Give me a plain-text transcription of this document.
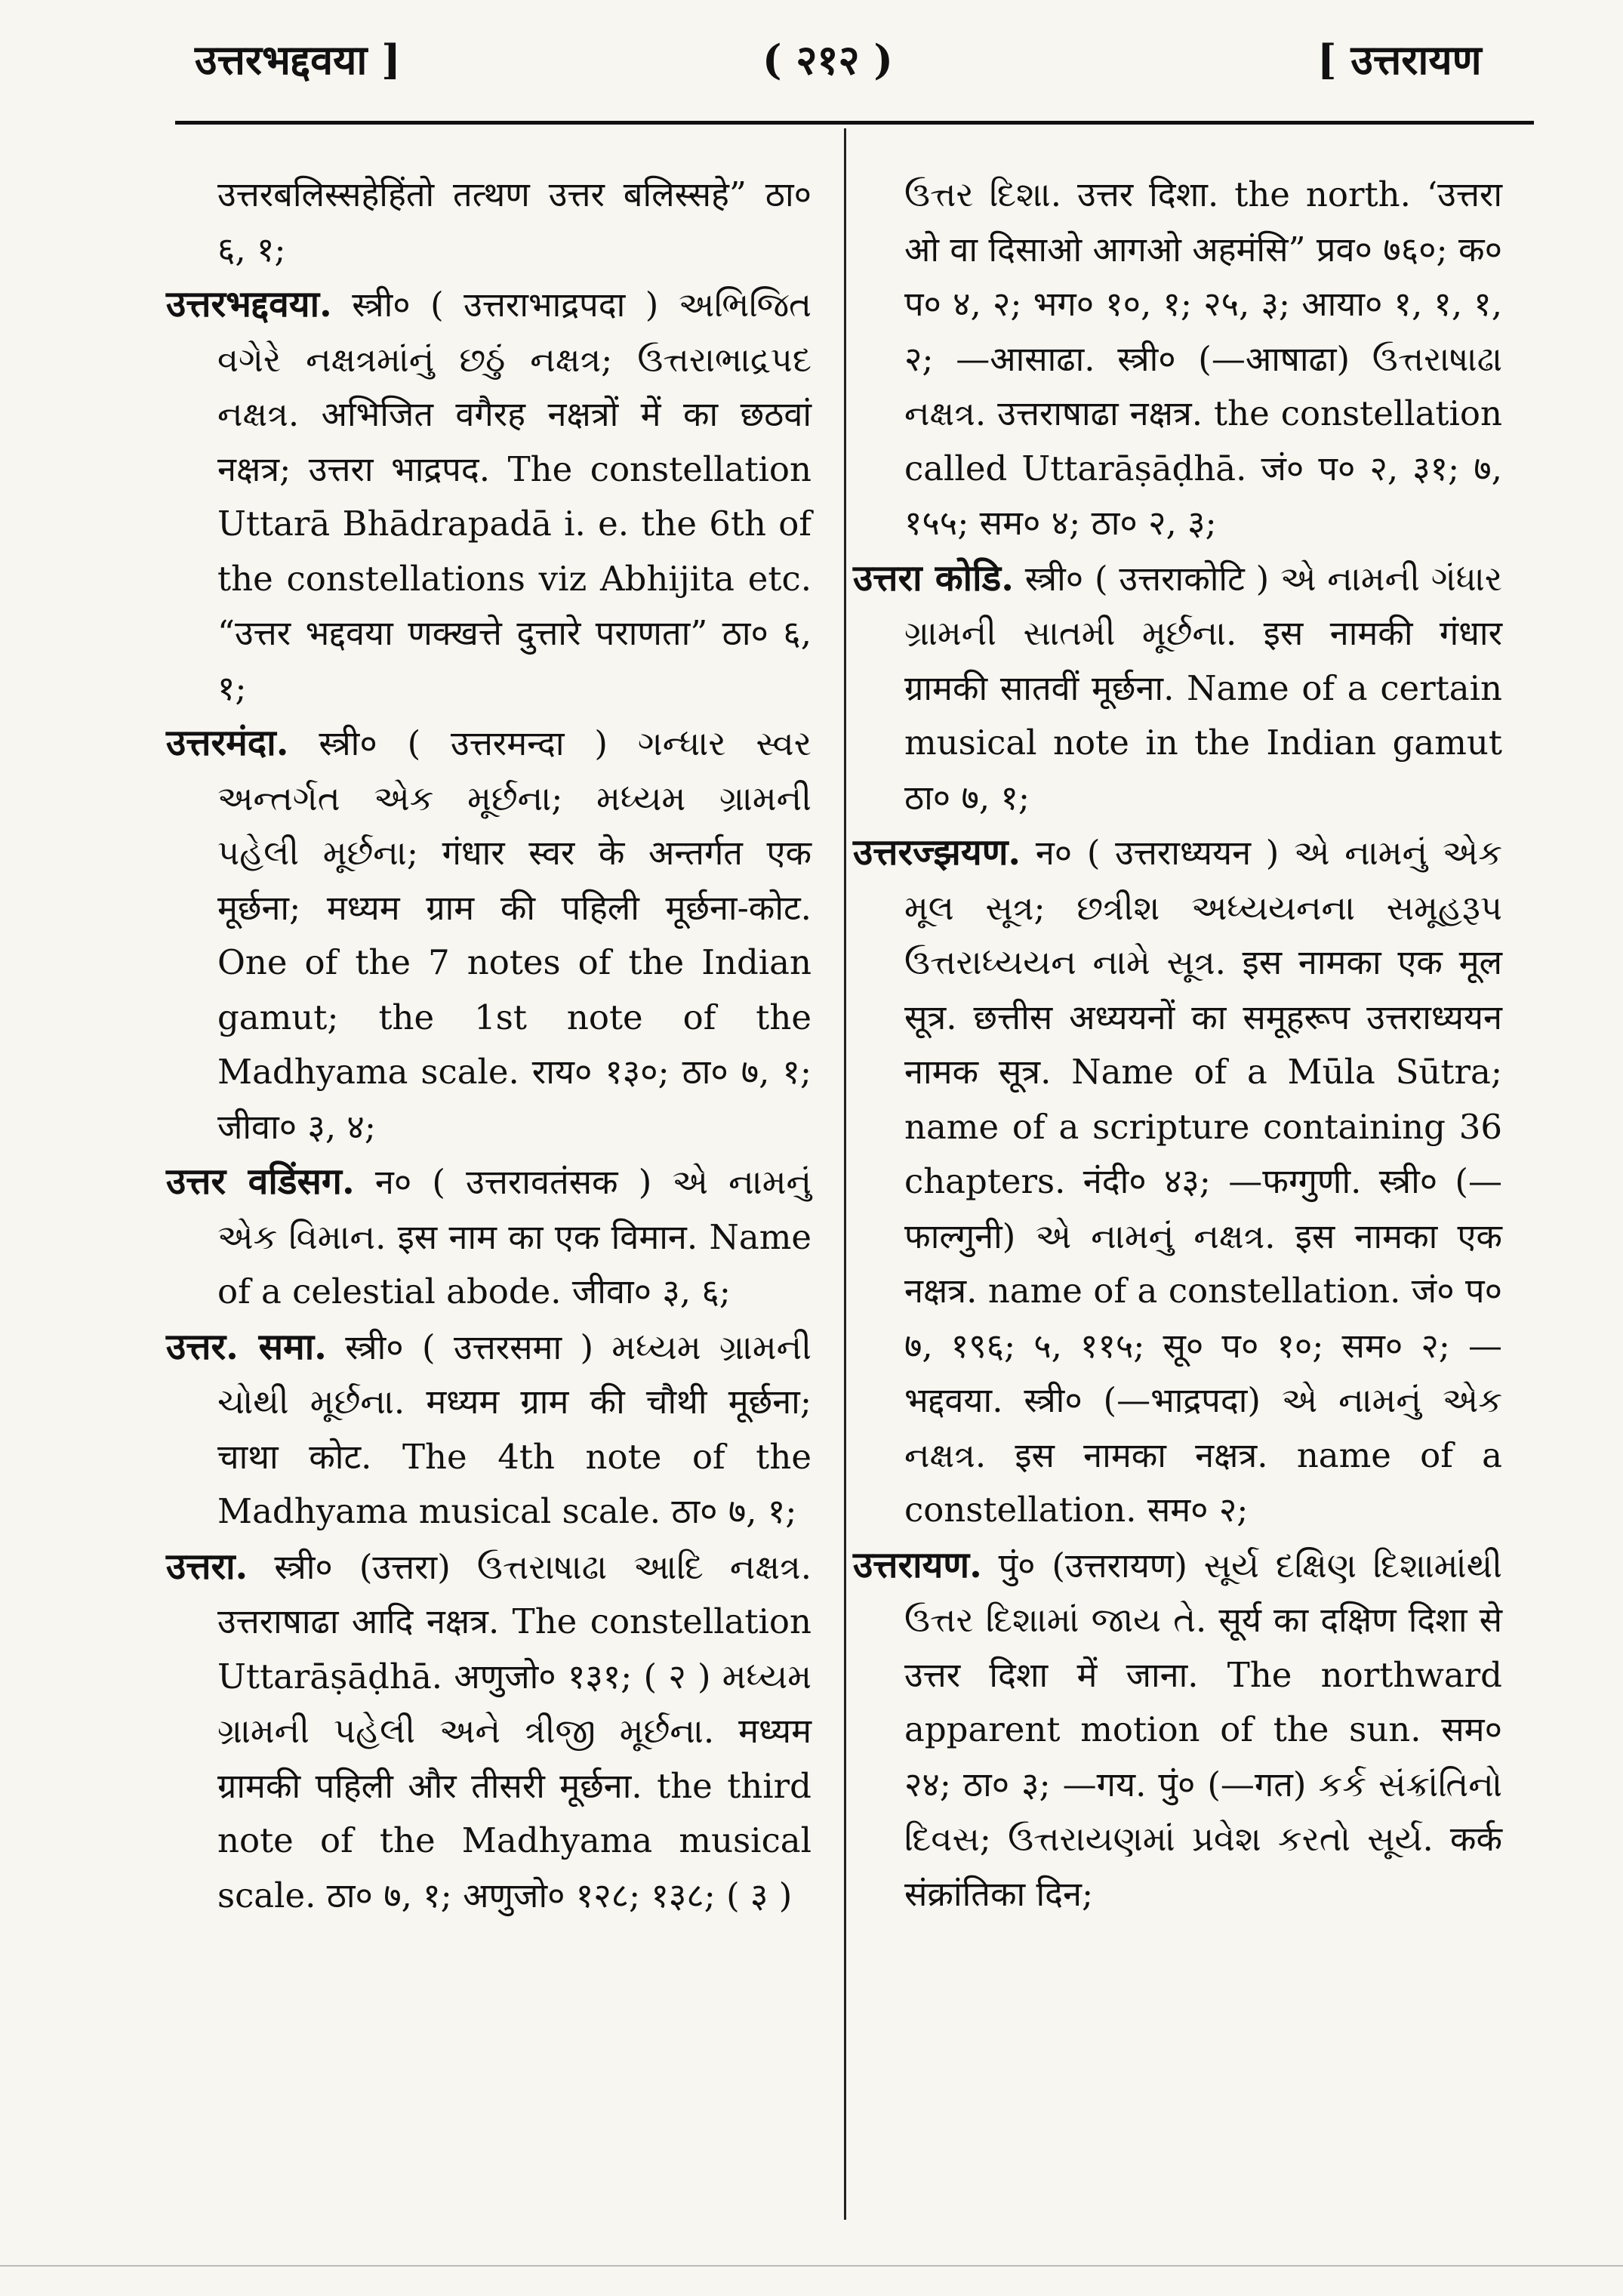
उत्तरभद्दवया ]	( २१२ )	[ उत्तरायण

उत्तरबलिस्सहेहिंतो तत्थण उत्तर बलिस्सहे” ठा० ६, १;

उत्तरभद्दवया. स्त्री० ( उत्तराभाद्रपदा ) અભિજિત વગેરે નક્ષત્રમાંનું છઠું નક્ષત્ર; ઉત્તરાભાદ્રપદ નક્ષત્ર. अभिजित वगैरह नक्षत्रों में का छठवां नक्षत्र; उत्तरा भाद्रपद. The constellation Uttarā Bhādrapadā i. e. the 6th of the constellations viz Abhijita etc. “उत्तर भद्दवया णक्खत्ते दुत्तारे पराणता” ठा० ६, १;

उत्तरमंदा. स्त्री० ( उत्तरमन्दा ) ગન્ધાર સ્વર અન્તર્ગત એક મૂર્છના; મધ્યમ ગ્રામની પહેલી મૂર્છના; गंधार स्वर के अन्तर्गत एक मूर्छना; मध्यम ग्राम की पहिली मूर्छना-कोट. One of the 7 notes of the Indian gamut; the 1st note of the Madhyama scale. राय० १३०; ठा० ७, १; जीवा० ३, ४;

उत्तर वडिंसग. न० ( उत्तरावतंसक ) એ નામનું એક વિમાન. इस नाम का एक विमान. Name of a celestial abode. जीवा० ३, ६;

उत्तर. समा. स्त्री० ( उत्तरसमा ) મધ્યમ ગ્રામની ચોથી મૂર્છના. मध्यम ग्राम की चौथी मूर्छना; चाथा कोट. The 4th note of the Madhyama musical scale. ठा० ७, १;

उत्तरा. स्त्री० (उत्तरा) ઉત્તરાષાઢા આદિ નક્ષત્ર. उत्तराषाढा आदि नक्षत्र. The constellation Uttarāṣāḍhā. अणुजो० १३१; ( २ ) મધ્યમ ગ્રામની પહેલી અને ત્રીજી મૂર્છના. मध्यम ग्रामकी पहिली और तीसरी मूर्छना. the third note of the Madhyama musical scale. ठा० ७, १; अणुजो० १२८; १३८; ( ३ )

ઉત્તર દિશા. उत्तर दिशा. the north. ‘उत्तरा ओ वा दिसाओ आगओ अहमंसि” प्रव० ७६०; क० प० ४, २; भग० १०, १; २५, ३; आया० १, १, १, २; —आसाढा. स्त्री० (—आषाढा) ઉત્તરાષાઢા નક્ષત્ર. उत्तराषाढा नक्षत्र. the constellation called Uttarāṣāḍhā. जं० प० २, ३१; ७, १५५; सम० ४; ठा० २, ३;

उत्तरा कोडि. स्त्री० ( उत्तराकोटि ) એ નામની ગંધાર ગ્રામની સાતમી મૂર્છના. इस नामकी गंधार ग्रामकी सातवीं मूर्छना. Name of a certain musical note in the Indian gamut ठा० ७, १;

उत्तरज्झयण. न० ( उत्तराध्ययन ) એ નામનું એક મૂલ સૂત્ર; છત્રીશ અધ્યયનના સમૂહરૂપ ઉત્તરાધ્યયન નામે સૂત્ર. इस नामका एक मूल सूत्र. छत्तीस अध्ययनों का समूहरूप उत्तराध्ययन नामक सूत्र. Name of a Mūla Sūtra; name of a scripture containing 36 chapters. नंदी० ४३; —फग्गुणी. स्त्री० (—फाल्गुनी) એ નામનું નક્ષત્ર. इस नामका एक नक्षत्र. name of a constellation. जं० प० ७, १९६; ५, ११५; सू० प० १०; सम० २; —भद्दवया. स्त्री० (—भाद्रपदा) એ નામનું એક નક્ષત્ર. इस नामका नक्षत्र. name of a constellation. सम० २;

उत्तरायण. पुं० (उत्तरायण) સૂર્ય દક્ષિણ દિશામાંથી ઉત્તર દિશામાં જાય તે. सूर्य का दक्षिण दिशा से उत्तर दिशा में जाना. The northward apparent motion of the sun. सम० २४; ठा० ३; —गय. पुं० (—गत) કર્ક સંક્રાંતિનો દિવસ; ઉત્તરાયણમાં પ્રવેશ કરતો સૂર્ય. कर्क संक्रांतिका दिन;
